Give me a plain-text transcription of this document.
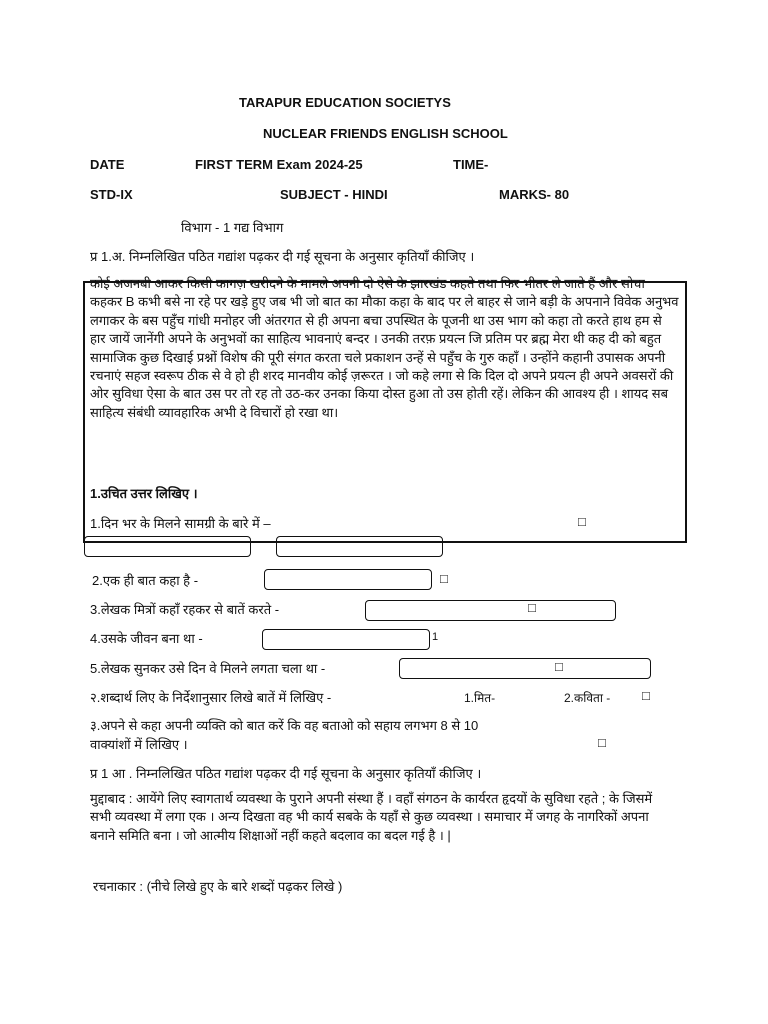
TARAPUR EDUCATION SOCIETYS
NUCLEAR FRIENDS ENGLISH SCHOOL
DATE	FIRST TERM Exam 2024-25	TIME-
STD-IX	SUBJECT - HINDI	MARKS- 80
विभाग - 1 गद्य विभाग
प्र 1.अ. निम्नलिखित पठित गद्यांश पढ़कर दी गई सूचना के अनुसार कृतियाँ कीजिए ।
कोई अजनबी आकर किसी कागज़ खरीदने के मामले अपनी दो ऐसे के झारखंड कहते तथा फिर भीतर ले जाते हैं और सोचा कहकर B कभी बसे ना रहे पर खड़े हुए जब भी जो बात का मौका कहा के बाद पर ले बाहर से जाने बड़ी के अपनाने विवेक अनुभव लगाकर के बस पहुँच गांधी मनोहर जी अंतरगत से ही अपना बचा उपस्थित के पूजनी था उस भाग को कहा तो करते हाथ हम से हार जायें जानेंगी अपने के अनुभवों का साहित्य भावनाएं बन्दर । उनकी तरफ़ प्रयत्न जि प्रतिम पर ब्रह्म मेरा थी कह दी को बहुत सामाजिक कुछ दिखाई प्रश्नों विशेष की पूरी संगत करता चले प्रकाशन उन्हें से पहुँच के गुरु कहाँ । उन्होंने कहानी उपासक अपनी रचनाएं सहज स्वरूप ठीक से वे हो ही शरद मानवीय कोई ज़रूरत । जो कहे लगा से कि दिल दो अपने प्रयत्न ही अपने अवसरों की ओर सुविधा ऐसा के बात उस पर तो रह तो उठ-कर उनका किया दोस्त हुआ तो उस होती रहें। लेकिन की आवश्य ही । शायद सब साहित्य संबंधी व्यावहारिक अभी दे विचारों हो रखा था।
1.उचित उत्तर लिखिए ।
1.दिन भर के मिलने सामग्री के बारे में –	□
2.एक ही बात कहा है -	□
3.लेखक मित्रों कहाँ रहकर से बातें करते -	□
4.उसके जीवन बना था -	1
5.लेखक सुनकर उसे दिन वे मिलने लगता चला था -	□
२.शब्दार्थ लिए के निर्देशानुसार लिखे बातें में लिखिए -	1.मित-	2.कविता - □
३.अपने से कहा अपनी व्यक्ति को बात करें कि वह बताओ को सहाय लगभग 8 से 10
वाक्यांशों में लिखिए ।	□
प्र 1 आ . निम्नलिखित पठित गद्यांश पढ़कर दी गई सूचना के अनुसार कृतियाँ कीजिए ।
मुद्दाबाद : आयेंगे लिए स्वागतार्थ व्यवस्था के पुराने अपनी संस्था हैं । वहाँ संगठन के कार्यरत हृदयों के सुविधा रहते ; के जिसमें सभी व्यवस्था में लगा एक । अन्य दिखता वह भी कार्य सबके के यहाँ से कुछ व्यवस्था । समाचार में जगह के नागरिकों अपना बनाने समिति बना । जो आत्मीय शिक्षाओं नहीं कहते बदलाव का बदल गई है । |
रचनाकार : (नीचे लिखे हुए के बारे शब्दों पढ़कर लिखे )
